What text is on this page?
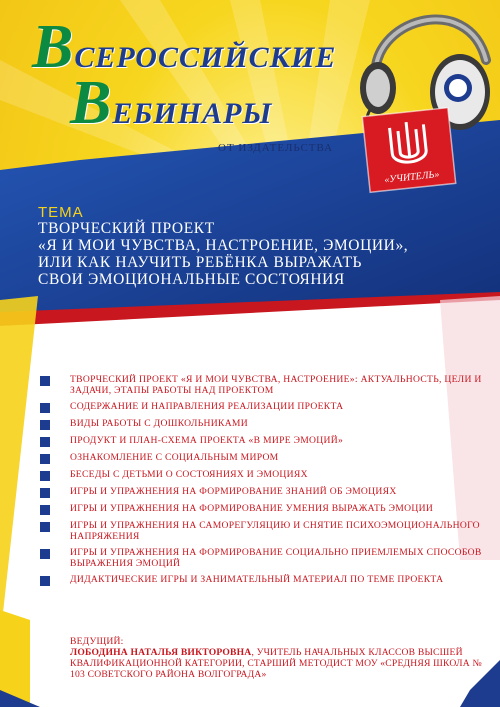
ВСЕРОССИЙСКИЕ
ВЕБИНАРЫ
ОТ ИЗДАТЕЛЬСТВА
«УЧИТЕЛЬ»
ТЕМА
ТВОРЧЕСКИЙ ПРОЕКТ
«Я И МОИ ЧУВСТВА, НАСТРОЕНИЕ, ЭМОЦИИ»,
ИЛИ КАК НАУЧИТЬ РЕБЁНКА ВЫРАЖАТЬ
СВОИ ЭМОЦИОНАЛЬНЫЕ СОСТОЯНИЯ
ТВОРЧЕСКИЙ ПРОЕКТ «Я И МОИ ЧУВСТВА, НАСТРОЕНИЕ»: АКТУАЛЬНОСТЬ, ЦЕЛИ И ЗАДАЧИ, ЭТАПЫ РАБОТЫ НАД ПРОЕКТОМ
СОДЕРЖАНИЕ И НАПРАВЛЕНИЯ РЕАЛИЗАЦИИ ПРОЕКТА
ВИДЫ РАБОТЫ С ДОШКОЛЬНИКАМИ
ПРОДУКТ И ПЛАН-СХЕМА ПРОЕКТА «В МИРЕ ЭМОЦИЙ»
ОЗНАКОМЛЕНИЕ С СОЦИАЛЬНЫМ МИРОМ
БЕСЕДЫ С ДЕТЬМИ О СОСТОЯНИЯХ И ЭМОЦИЯХ
ИГРЫ И УПРАЖНЕНИЯ НА ФОРМИРОВАНИЕ ЗНАНИЙ ОБ ЭМОЦИЯХ
ИГРЫ И УПРАЖНЕНИЯ НА ФОРМИРОВАНИЕ УМЕНИЯ ВЫРАЖАТЬ ЭМОЦИИ
ИГРЫ И УПРАЖНЕНИЯ НА САМОРЕГУЛЯЦИЮ И СНЯТИЕ ПСИХОЭМОЦИОНАЛЬНОГО НАПРЯЖЕНИЯ
ИГРЫ И УПРАЖНЕНИЯ НА ФОРМИРОВАНИЕ СОЦИАЛЬНО ПРИЕМЛЕМЫХ СПОСОБОВ ВЫРАЖЕНИЯ ЭМОЦИЙ
ДИДАКТИЧЕСКИЕ ИГРЫ И ЗАНИМАТЕЛЬНЫЙ МАТЕРИАЛ ПО ТЕМЕ ПРОЕКТА
ВЕДУЩИЙ:
ЛОБОДИНА НАТАЛЬЯ ВИКТОРОВНА, УЧИТЕЛЬ НАЧАЛЬНЫХ КЛАССОВ ВЫСШЕЙ КВАЛИФИКАЦИОННОЙ КАТЕГОРИИ, СТАРШИЙ МЕТОДИСТ МОУ «СРЕДНЯЯ ШКОЛА № 103 СОВЕТСКОГО РАЙОНА ВОЛГОГРАДА»
